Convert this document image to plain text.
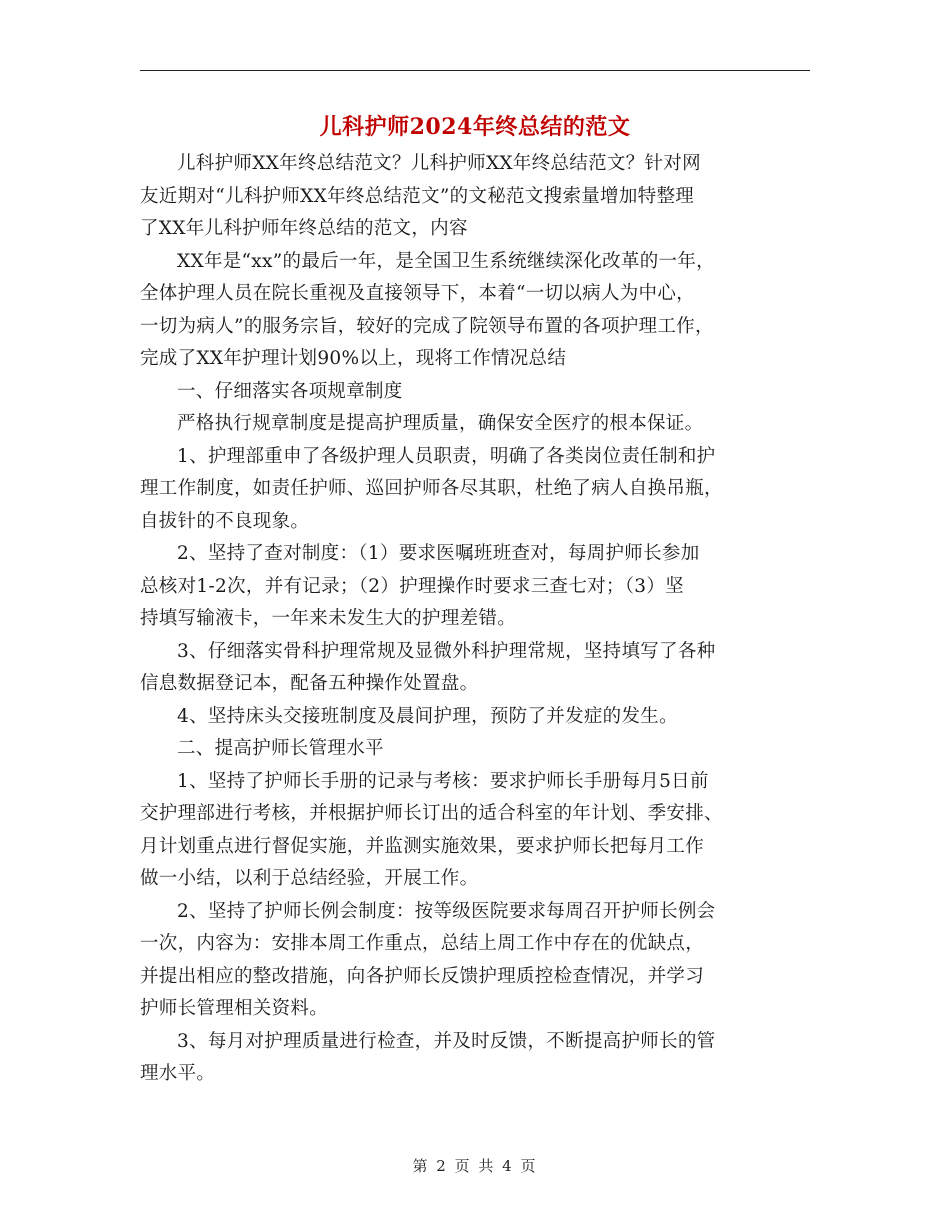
儿科护师2024年终总结的范文

儿科护师XX年终总结范文？儿科护师XX年终总结范文？针对网
友近期对“儿科护师XX年终总结范文”的文秘范文搜索量增加特整理
了XX年儿科护师年终总结的范文，内容

XX年是“xx”的最后一年，是全国卫生系统继续深化改革的一年，
全体护理人员在院长重视及直接领导下，本着“一切以病人为中心，
一切为病人”的服务宗旨，较好的完成了院领导布置的各项护理工作，
完成了XX年护理计划90%以上，现将工作情况总结

一、仔细落实各项规章制度

严格执行规章制度是提高护理质量，确保安全医疗的根本保证。

1、护理部重申了各级护理人员职责，明确了各类岗位责任制和护
理工作制度，如责任护师、巡回护师各尽其职，杜绝了病人自换吊瓶，
自拔针的不良现象。

2、坚持了查对制度：（1）要求医嘱班班查对，每周护师长参加
总核对1-2次，并有记录；（2）护理操作时要求三查七对；（3）坚
持填写输液卡，一年来未发生大的护理差错。

3、仔细落实骨科护理常规及显微外科护理常规，坚持填写了各种
信息数据登记本，配备五种操作处置盘。

4、坚持床头交接班制度及晨间护理，预防了并发症的发生。

二、提高护师长管理水平

1、坚持了护师长手册的记录与考核：要求护师长手册每月5日前
交护理部进行考核，并根据护师长订出的适合科室的年计划、季安排、
月计划重点进行督促实施，并监测实施效果，要求护师长把每月工作
做一小结，以利于总结经验，开展工作。

2、坚持了护师长例会制度：按等级医院要求每周召开护师长例会
一次，内容为：安排本周工作重点，总结上周工作中存在的优缺点，
并提出相应的整改措施，向各护师长反馈护理质控检查情况，并学习
护师长管理相关资料。

3、每月对护理质量进行检查，并及时反馈，不断提高护师长的管
理水平。

第 2 页 共 4 页
